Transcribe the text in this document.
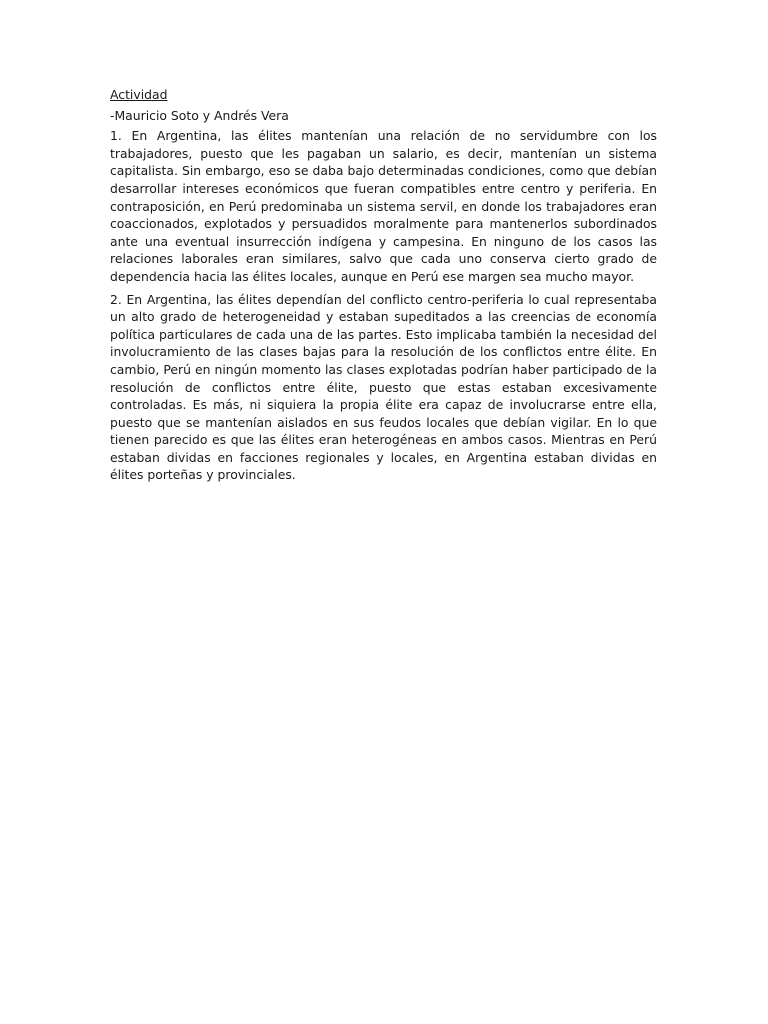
Actividad

-Mauricio Soto y Andrés Vera

1. En Argentina, las élites mantenían una relación de no servidumbre con los trabajadores, puesto que les pagaban un salario, es decir, mantenían un sistema capitalista. Sin embargo, eso se daba bajo determinadas condiciones, como que debían desarrollar intereses económicos que fueran compatibles entre centro y periferia. En contraposición, en Perú predominaba un sistema servil, en donde los trabajadores eran coaccionados, explotados y persuadidos moralmente para mantenerlos subordinados ante una eventual insurrección indígena y campesina. En ninguno de los casos las relaciones laborales eran similares, salvo que cada uno conserva cierto grado de dependencia hacia las élites locales, aunque en Perú ese margen sea mucho mayor.

2. En Argentina, las élites dependían del conflicto centro-periferia lo cual representaba un alto grado de heterogeneidad y estaban supeditados a las creencias de economía política particulares de cada una de las partes. Esto implicaba también la necesidad del involucramiento de las clases bajas para la resolución de los conflictos entre élite. En cambio, Perú en ningún momento las clases explotadas podrían haber participado de la resolución de conflictos entre élite, puesto que estas estaban excesivamente controladas. Es más, ni siquiera la propia élite era capaz de involucrarse entre ella, puesto que se mantenían aislados en sus feudos locales que debían vigilar. En lo que tienen parecido es que las élites eran heterogéneas en ambos casos. Mientras en Perú estaban dividas en facciones regionales y locales, en Argentina estaban dividas en élites porteñas y provinciales.
